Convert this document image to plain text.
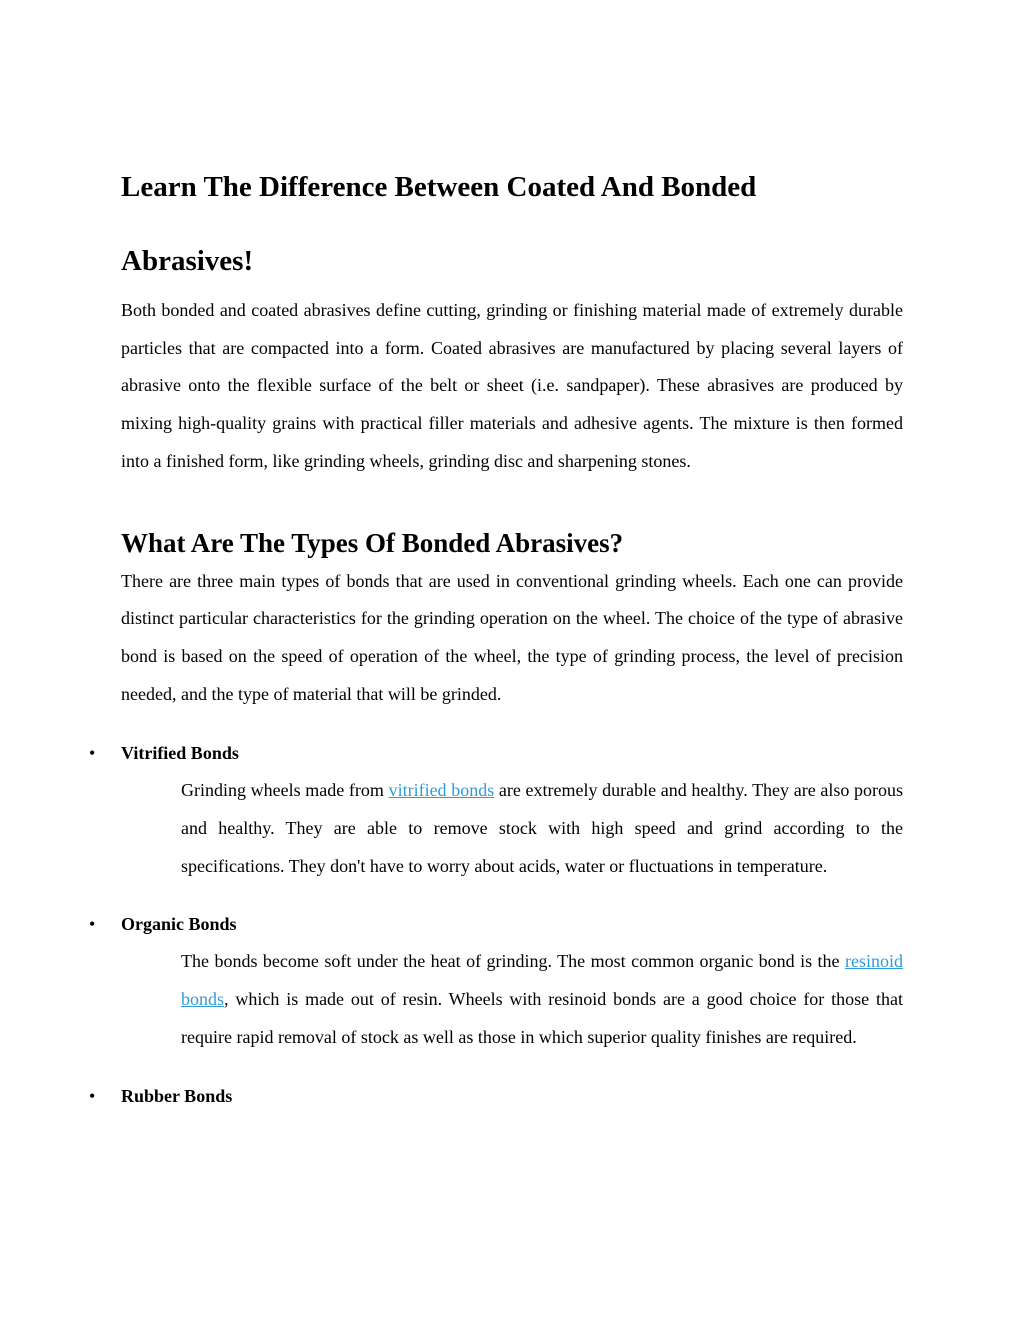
Learn The Difference Between Coated And Bonded
Abrasives!

Both bonded and coated abrasives define cutting, grinding or finishing material made of extremely durable particles that are compacted into a form. Coated abrasives are manufactured by placing several layers of abrasive onto the flexible surface of the belt or sheet (i.e. sandpaper). These abrasives are produced by mixing high-quality grains with practical filler materials and adhesive agents. The mixture is then formed into a finished form, like grinding wheels, grinding disc and sharpening stones.

What Are The Types Of Bonded Abrasives?

There are three main types of bonds that are used in conventional grinding wheels. Each one can provide distinct particular characteristics for the grinding operation on the wheel. The choice of the type of abrasive bond is based on the speed of operation of the wheel, the type of grinding process, the level of precision needed, and the type of material that will be grinded.

• Vitrified Bonds

Grinding wheels made from vitrified bonds are extremely durable and healthy. They are also porous and healthy. They are able to remove stock with high speed and grind according to the specifications. They don't have to worry about acids, water or fluctuations in temperature.

• Organic Bonds

The bonds become soft under the heat of grinding. The most common organic bond is the resinoid bonds, which is made out of resin. Wheels with resinoid bonds are a good choice for those that require rapid removal of stock as well as those in which superior quality finishes are required.

• Rubber Bonds
